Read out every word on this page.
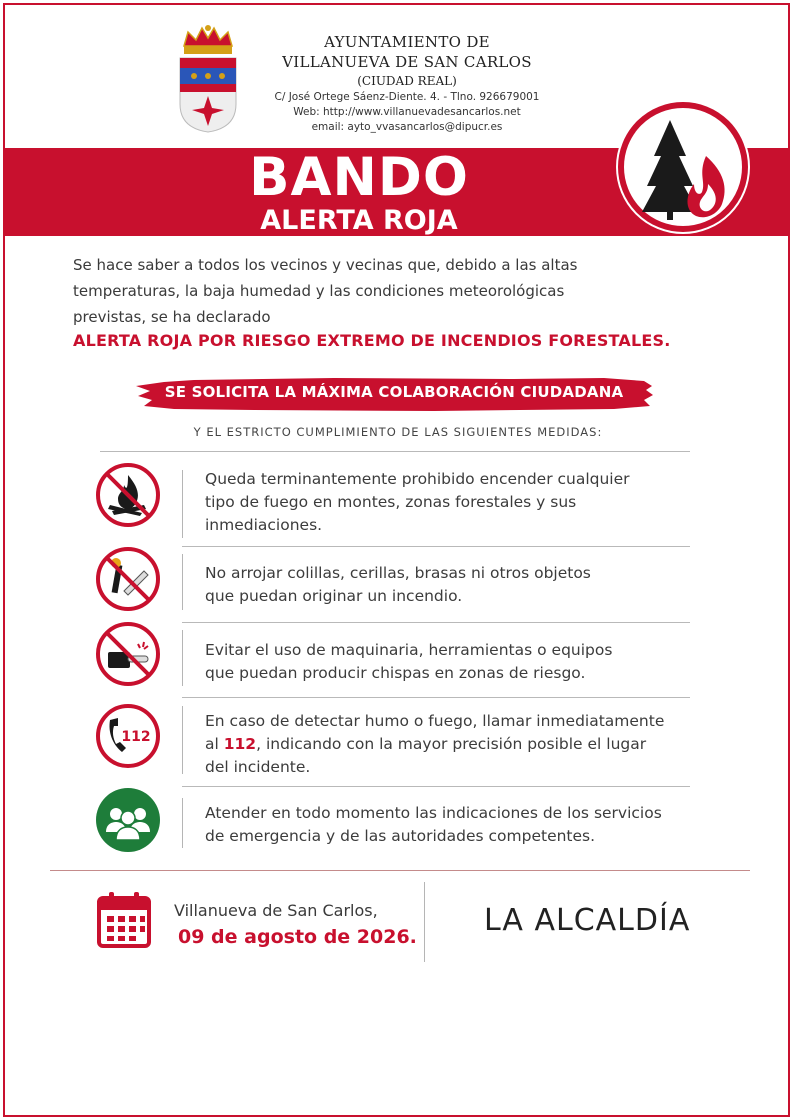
AYUNTAMIENTO DE
VILLANUEVA DE SAN CARLOS
(CIUDAD REAL)
C/ José Ortege Sáenz-Diente. 4. - Tlno. 926679001
Web: http://www.villanuevadesancarlos.net
email: ayto_vvasancarlos@dipucr.es
BANDO
ALERTA ROJA
Se hace saber a todos los vecinos y vecinas que, debido a las altas
temperaturas, la baja humedad y las condiciones meteorológicas
previstas, se ha declarado
ALERTA ROJA POR RIESGO EXTREMO DE INCENDIOS FORESTALES.
SE SOLICITA LA MÁXIMA COLABORACIÓN CIUDADANA
Y EL ESTRICTO CUMPLIMIENTO DE LAS SIGUIENTES MEDIDAS:
Queda terminantemente prohibido encender cualquier
tipo de fuego en montes, zonas forestales y sus
inmediaciones.
No arrojar colillas, cerillas, brasas ni otros objetos
que puedan originar un incendio.
Evitar el uso de maquinaria, herramientas o equipos
que puedan producir chispas en zonas de riesgo.
112
En caso de detectar humo o fuego, llamar inmediatamente
al 112, indicando con la mayor precisión posible el lugar
del incidente.
Atender en todo momento las indicaciones de los servicios
de emergencia y de las autoridades competentes.
Villanueva de San Carlos,
09 de agosto de 2026. LA ALCALDÍA
